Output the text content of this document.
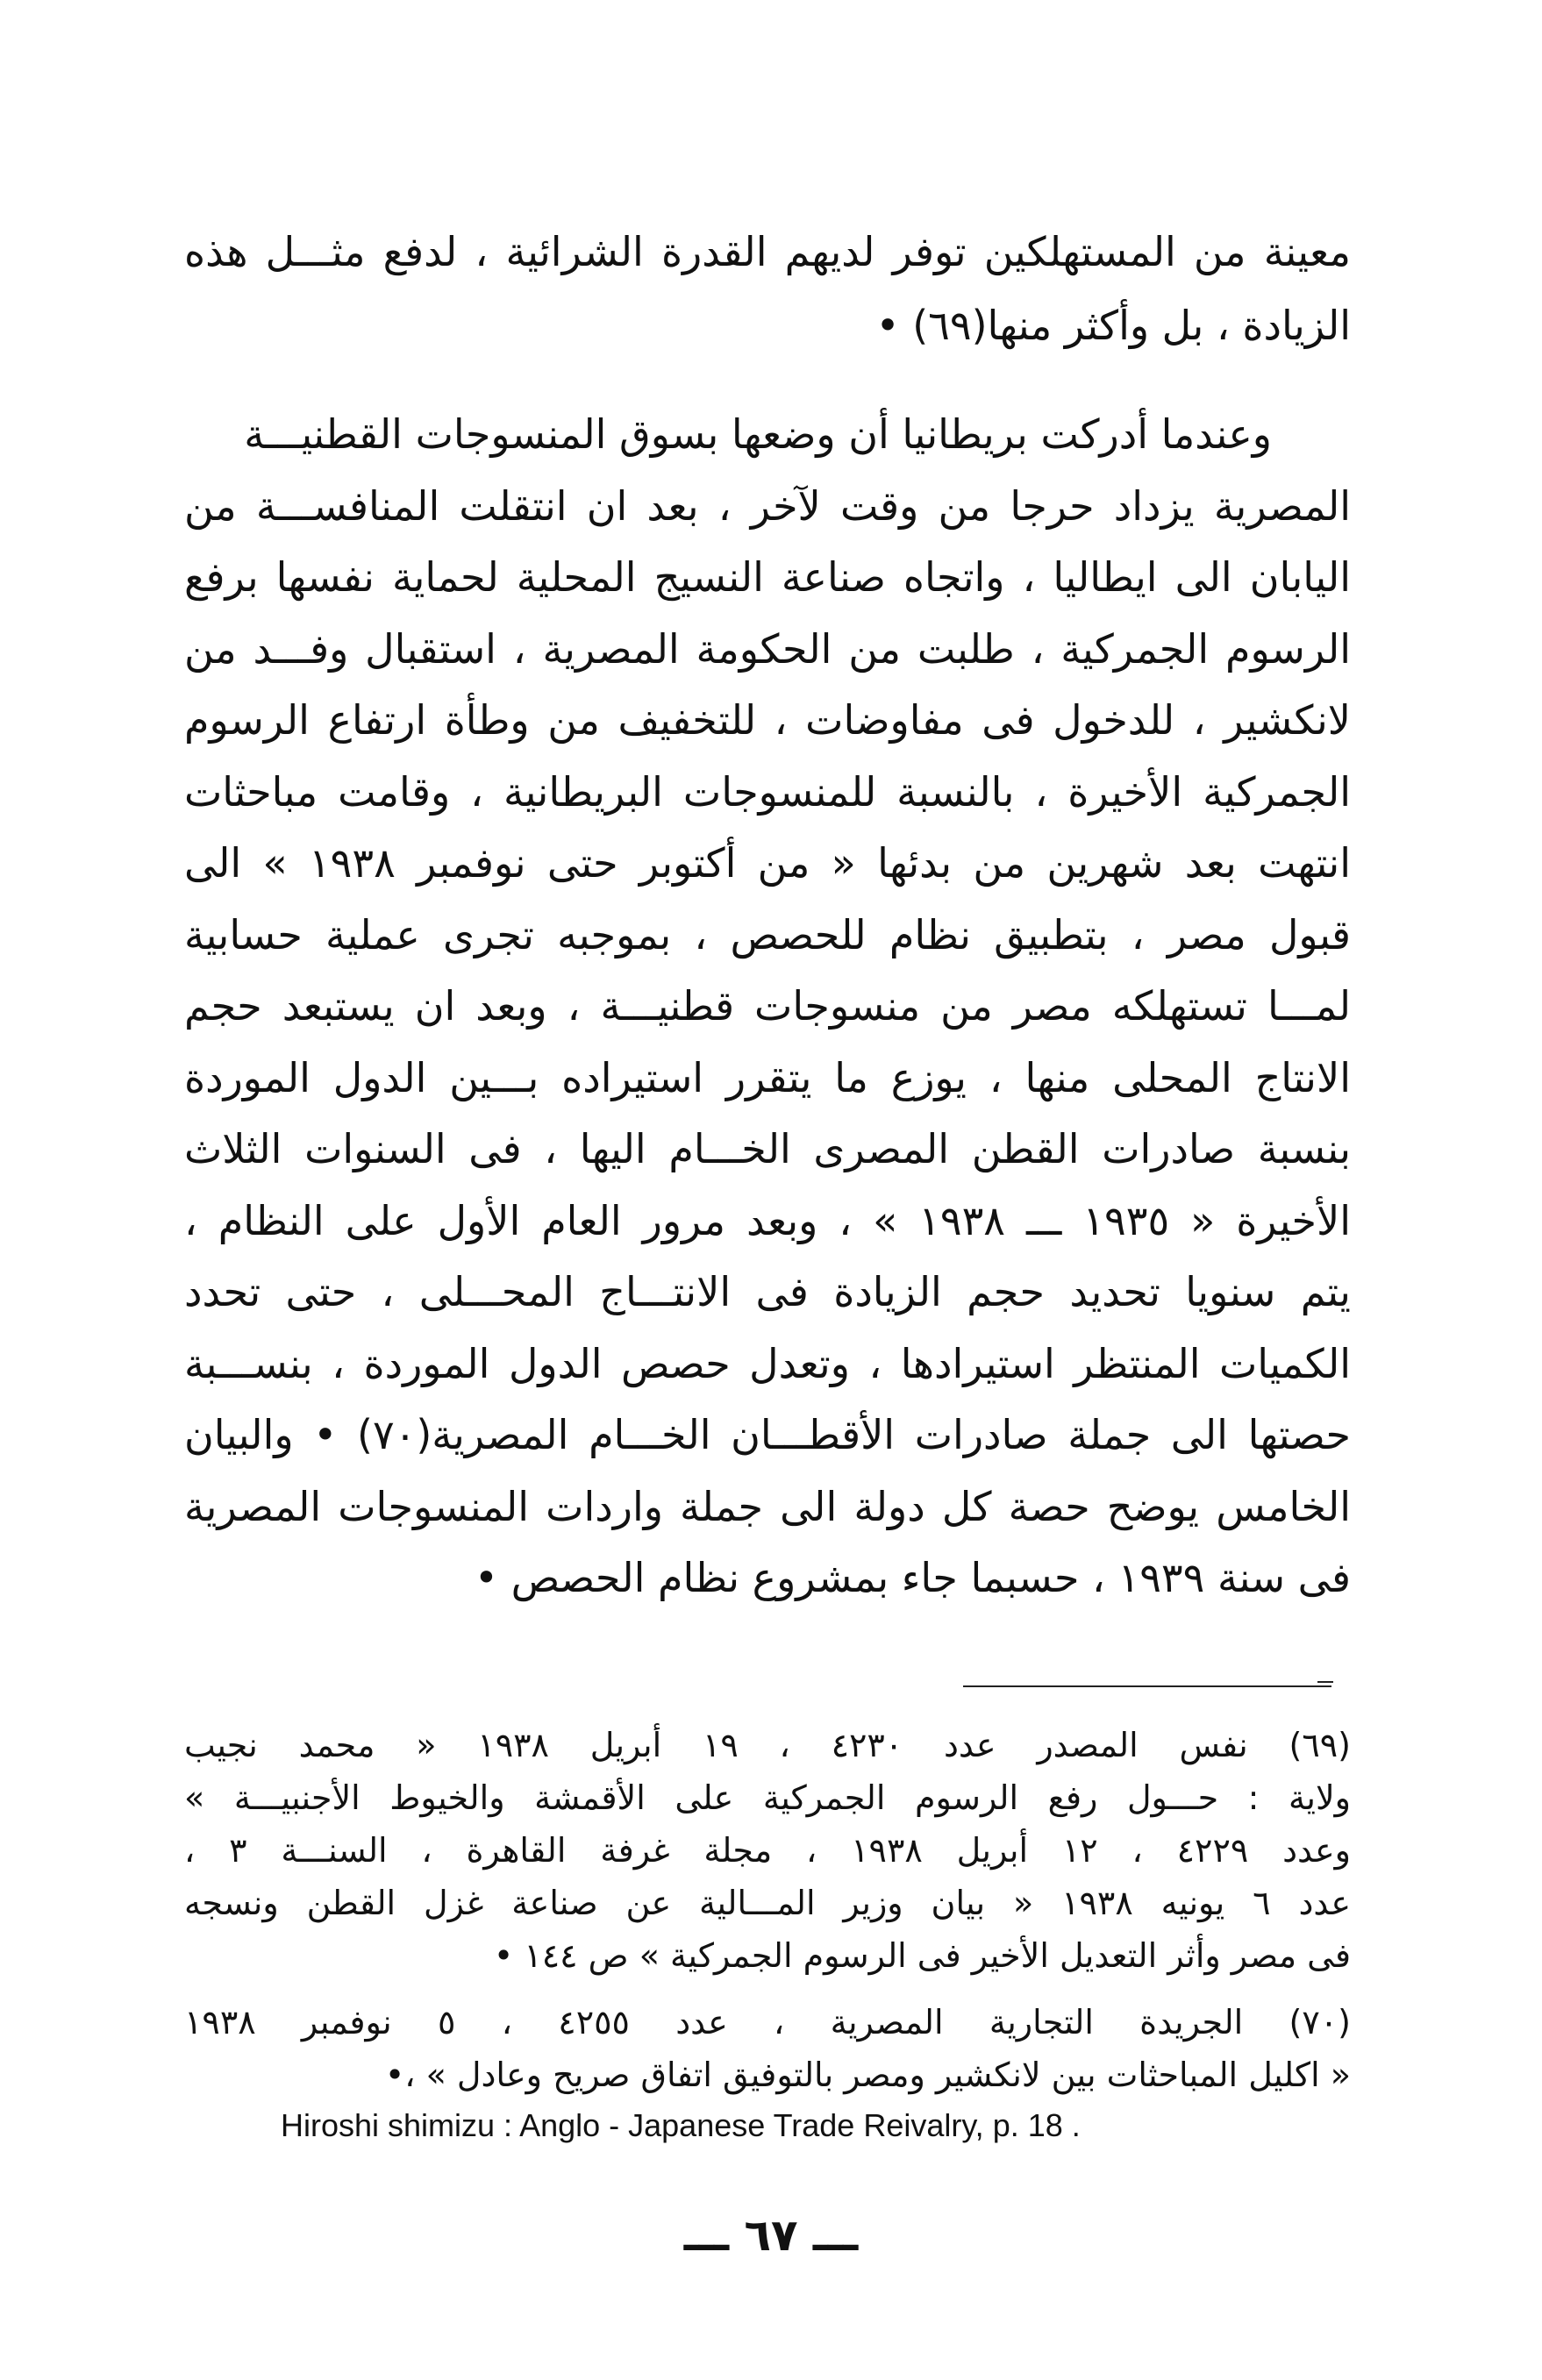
معينة من المستهلكين توفر لديهم القدرة الشرائية ، لدفع مثـــل هذه
الزيادة ، بل وأكثر منها(٦٩) •
وعندما أدركت بريطانيا أن وضعها بسوق المنسوجات القطنيـــة
المصرية يزداد حرجا من وقت لآخر ، بعد ان انتقلت المنافســـة من
اليابان الى ايطاليا ، واتجاه صناعة النسيج المحلية لحماية نفسها برفع
الرسوم الجمركية ، طلبت من الحكومة المصرية ، استقبال وفـــد من
لانكشير ، للدخول فى مفاوضات ، للتخفيف من وطأة ارتفاع الرسوم
الجمركية الأخيرة ، بالنسبة للمنسوجات البريطانية ، وقامت مباحثات
انتهت بعد شهرين من بدئها « من أكتوبر حتى نوفمبر ١٩٣٨ » الى
قبول مصر ، بتطبيق نظام للحصص ، بموجبه تجرى عملية حسابية
لمـــا تستهلكه مصر من منسوجات قطنيـــة ، وبعد ان يستبعد حجم
الانتاج المحلى منها ، يوزع ما يتقرر استيراده بـــين الدول الموردة
بنسبة صادرات القطن المصرى الخـــام اليها ، فى السنوات الثلاث
الأخيرة « ١٩٣٥ ـــ ١٩٣٨ » ، وبعد مرور العام الأول على النظام ،
يتم سنويا تحديد حجم الزيادة فى الانتـــاج المحـــلى ، حتى تحدد
الكميات المنتظر استيرادها ، وتعدل حصص الدول الموردة ، بنســـبة
حصتها الى جملة صادرات الأقطـــان الخـــام المصرية(٧٠) • والبيان
الخامس يوضح حصة كل دولة الى جملة واردات المنسوجات المصرية
فى سنة ١٩٣٩ ، حسبما جاء بمشروع نظام الحصص •
(٦٩) نفس المصدر عدد ٤٢٣٠ ، ١٩ أبريل ١٩٣٨ « محمد نجيب
ولاية : حـــول رفع الرسوم الجمركية على الأقمشة والخيوط الأجنبيـــة »
وعدد ٤٢٢٩ ، ١٢ أبريل ١٩٣٨ ، مجلة غرفة القاهرة ، السنـــة ٣ ،
عدد ٦ يونيه ١٩٣٨ « بيان وزير المـــالية عن صناعة غزل القطن ونسجه
فى مصر وأثر التعديل الأخير فى الرسوم الجمركية » ص ١٤٤ •
(٧٠) الجريدة التجارية المصرية ، عدد ٤٢٥٥ ، ٥ نوفمبر ١٩٣٨
« اكليل المباحثات بين لانكشير ومصر بالتوفيق اتفاق صريح وعادل » ،•
Hiroshi shimizu : Anglo - Japanese Trade Reivalry, p. 18 .
ـــ ٦٧ ـــ
